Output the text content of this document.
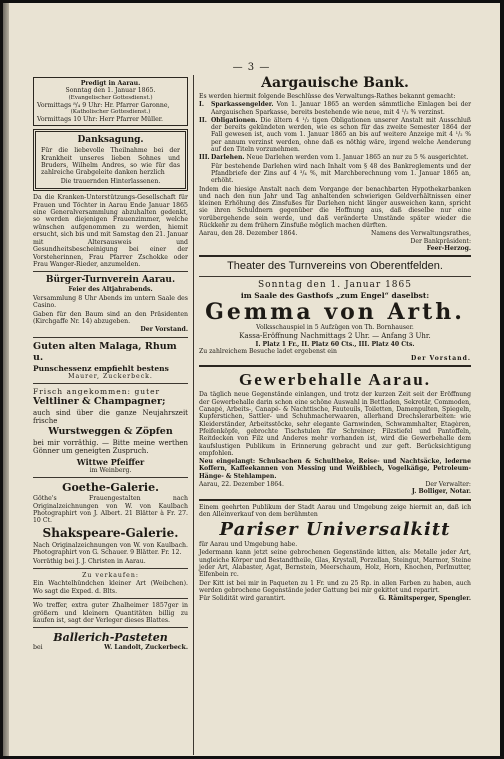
— 3 —
Predigt in Aarau.
Sonntag den 1. Januar 1865.
(Evangelischer Gottesdienst.)
Vormittags ⁸/₄ 9 Uhr: Hr. Pfarrer Garonne,
(Katholischer Gottesdienst.)
Vormittags 10 Uhr: Herr Pfarrer Müller.
Danksagung.
Für die liebevolle Theilnahme bei der Krankheit unseres lieben Sohnes und Bruders, Wilhelm Andres, so wie für das zahlreiche Grabgeleite danken herzlich
Die trauernden Hinterlassenen.
Da die Kranken-Unterstützungs-Gesellschaft für Frauen und Töchter in Aarau Ende Januar 1865 eine Generalversammlung abzuhalten gedenkt, so werden diejenigen Frauenzimmer, welche wünschen aufgenommen zu werden, hiemit ersucht, sich bis und mit Samstag den 21. Januar mit Altersausweis und Gesundheitsbescheinigung bei einer der Vorsteherinnen, Frau Pfarrer Zschokke oder Frau Wanger-Rieder, anzumelden.
Bürger-Turnverein Aarau.
Feier des Altjahrabends.
Versammlung 8 Uhr Abends im untern Saale des Casino.
Gaben für den Baum sind an den Präsidenten (Kirchgaffe Nr. 14) abzugeben.
Der Vorstand.
Guten alten Malaga, Rhum u.
Punschessenz empfiehlt bestens
Maurer, Zuckerbeck.
Frisch angekommen: guter
Veltliner & Champagner;
auch sind über die ganze Neujahrszeit frische
Wurstweggen & Zöpfen
bei mir vorräthig. — Bitte meine werthen Gönner um geneigten Zuspruch.
Wittwe Pfeiffer
im Weinberg.
Goethe-Galerie.
Göthe's Frauengestalten nach Originalzeichnungen von W. von Kaulbach Photographirt von J. Albert. 21 Blätter à Fr. 27. 10 Ct.
Shakspeare-Galerie.
Nach Originalzeichnungen von W. von Kaulbach. Photographirt von G. Schauer. 9 Blätter. Fr. 12.
Vorräthig bei J. J. Christen in Aarau.
Zu verkaufen:
Ein Wachtelhündchen kleiner Art (Weibchen). Wo sagt die Exped. d. Blts.
Wo treffer, extra guter Zhalheimer 1857ger in größern und kleinern Quantitäten billig zu kaufen ist, sagt der Verleger dieses Blattes.
Ballerich-Pasteten
bei	W. Landolt, Zuckerbeck.
Aargauische Bank.
Es werden hiermit folgende Beschlüsse des Verwaltungs-Rathes bekannt gemacht:
I.	Sparkassengelder. Von 1. Januar 1865 an werden sämmtliche Einlagen bei der Aargauischen Sparkasse, bereits bestehende wie neue, mit 4 ¹/₂ % verzinst.
II. Obligationen. Die ältern 4 ¹/₂ tigen Obligationen unserer Anstalt mit Ausschluß der bereits gekündeten werden, wie es schon für das zweite Semester 1864 der Fall gewesen ist, auch vom 1. Januar 1865 an bis auf weitere Anzeige mit 4 ¹/₂ % per annum verzinst werden, ohne daß es nöthig wäre, irgend welche Aenderung auf den Titeln vorzunehmen.
III. Darlehen. Neue Darlehen werden vom 1. Januar 1865 an nur zu 5 % ausgerichtet.
Für bestehende Darlehen wird nach Inhalt vom § 48 des Bankreglements und der Pfandbriefe der Zins auf 4 ³/₄ %, mit Marchberechnung vom 1. Januar 1865 an, erhöht.
Indem die hiesige Anstalt nach dem Vorgange der benachbarten Hypothekarbanken und nach den nun Jahr und Tag anhaltenden schwierigen Geldverhältnissen einer kleinen Erhöhung des Zinsfußes für Darlehen nicht länger ausweichen kann, spricht sie ihren Schuldnern gegenüber die Hoffnung aus, daß dieselbe nur eine vorübergehende sein werde, und daß veränderte Umstände später wieder die Rückkehr zu dem frühern Zinsfuße möglich machen dürften.
Aarau, den 28. Dezember 1864.	Namens des Verwaltungsrathes,
Der Bankpräsident:
Feer-Herzog.
Theater des Turnvereins von Oberentfelden.
Sonntag den 1. Januar 1865
im Saale des Gasthofs „zum Engel“ daselbst:
Gemma von Arth.
Volksschauspiel in 5 Aufzügen von Th. Bornhauser.
Kassa-Eröffnung Nachmittags 2 Uhr. — Anfang 3 Uhr.
I. Platz 1 Fr., II. Platz 60 Cts., III. Platz 40 Cts.
Zu zahlreichem Besuche ladet ergebenst ein
Der Vorstand.
Gewerbehalle Aarau.
Da täglich neue Gegenstände einlangen, und trotz der kurzen Zeit seit der Eröffnung der Gewerbehalle darin schon eine schöne Auswahl in Bettladen, Sekretär, Commoden, Canapé, Arbeits-, Canapé- & Nachttische, Fauteuils, Toiletten, Damenpulten, Spiegeln, Kupferstichen, Sattler- und Schuhmacherwaaren, allerhand Drechslerarbeiten: wie Kleiderständer, Arbeitsstöcke, sehr elegante Garnwinden, Schwammhalter, Etagèren, Pfeifenköpfe, gebrochte Tischstulen für Schreiner; Filzstiefel und Pantoffeln, Reitdecken von Filz und Anderes mehr vorhanden ist, wird die Gewerbehalle dem kaufslustigen Publikum in Erinnerung gebracht und zur geft. Berücksichtigung empfohlen.
Neu eingelangt: Schulsachen & Schultheke, Reise- und Nachtsäcke, lederne Koffern, Kaffeekannen von Messing und Weißblech, Vogelkäfige, Petroleum-Hänge- & Stehlampen.
Aarau, 22. Dezember 1864.	Der Verwalter:
J. Bolliger, Notar.
Einem geehrten Publikum der Stadt Aarau und Umgebung zeige hiermit an, daß ich den Alleinverkauf von dem berühmten
Pariser Universalkitt
für Aarau und Umgebung habe.
Jedermann kann jetzt seine gebrochenen Gegenstände kitten, als: Metalle jeder Art, ungleiche Körper und Bestandtheile, Glas, Krystall, Porzellan, Steingut, Marmor, Steine jeder Art, Alabaster, Agat, Bernstein, Meerschaum, Holz, Horn, Knochen, Perlmutter, Elfenbein rc.
Der Kitt ist bei mir in Paqueten zu 1 Fr. und zu 25 Rp. in allen Farben zu haben, auch werden gebrochene Gegenstände jeder Gattung bei mir gekittet und reparirt.
Für Solidität wird garantirt.	G. Rämitsperger, Spengler.
